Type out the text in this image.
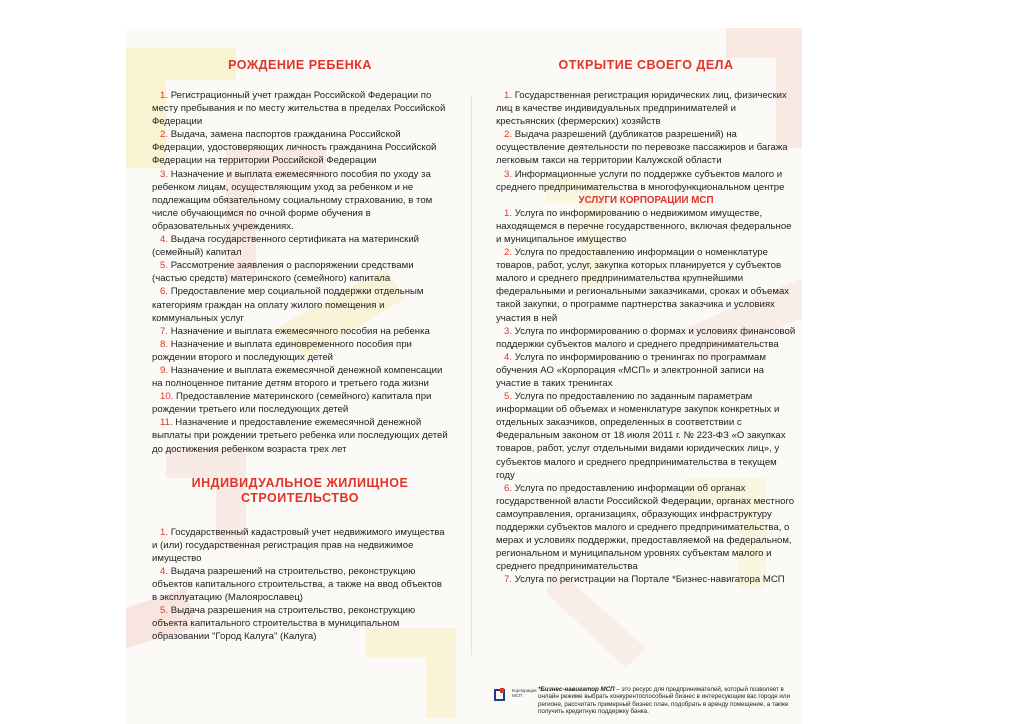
РОЖДЕНИЕ РЕБЕНКА
1. Регистрационный учет граждан Российской Федерации по месту пребывания и по месту жительства в пределах Российской Федерации
2. Выдача, замена паспортов гражданина Российской Федерации, удостоверяющих личность гражданина Российской Федерации на территории Российской Федерации
3. Назначение и выплата ежемесячного пособия по уходу за ребенком лицам, осуществляющим уход за ребенком и не подлежащим обязательному социальному страхованию, в том числе обучающимся по очной форме обучения в образовательных учреждениях.
4. Выдача государственного сертификата на материнский (семейный) капитал
5. Рассмотрение заявления о распоряжении средствами (частью средств) материнского (семейного) капитала
6. Предоставление мер социальной поддержки отдельным категориям граждан на оплату жилого помещения и коммунальных услуг
7. Назначение и выплата ежемесячного пособия на ребенка
8. Назначение и выплата единовременного пособия при рождении второго и последующих детей
9. Назначение и выплата ежемесячной денежной компенсации на полноценное питание детям второго и третьего года жизни
10. Предоставление материнского (семейного) капитала при рождении третьего или последующих детей
11. Назначение и предоставление ежемесячной денежной выплаты при рождении третьего ребенка или последующих детей до достижения ребенком возраста трех лет
ИНДИВИДУАЛЬНОЕ ЖИЛИЩНОЕ
СТРОИТЕЛЬСТВО
1. Государственный кадастровый учет недвижимого имущества и (или) государственная регистрация прав на недвижимое имущество
4. Выдача разрешений на строительство, реконструкцию объектов капитального строительства, а также на ввод объектов в эксплуатацию (Малоярославец)
5. Выдача разрешения на строительство, реконструкцию объекта капитального строительства в муниципальном образовании "Город Калуга" (Калуга)
ОТКРЫТИЕ СВОЕГО ДЕЛА
1. Государственная регистрация юридических лиц, физических лиц в качестве индивидуальных предпринимателей и крестьянских (фермерских) хозяйств
2. Выдача разрешений (дубликатов разрешений) на осуществление деятельности по перевозке пассажиров и багажа легковым такси на территории Калужской области
3. Информационные услуги по поддержке субъектов малого и среднего предпринимательства в многофункциональном центре
УСЛУГИ КОРПОРАЦИИ МСП
1. Услуга по информированию о недвижимом имуществе, находящемся в перечне государственного, включая федеральное и муниципальное имущество
2. Услуга по предоставлению информации о номенклатуре товаров, работ, услуг, закупка которых планируется у субъектов малого и среднего предпринимательства крупнейшими федеральными и региональными заказчиками, сроках и объемах такой закупки, о программе партнерства заказчика и условиях участия в ней
3. Услуга по информированию о формах и условиях финансовой поддержки субъектов малого и среднего предпринимательства
4. Услуга по информированию о тренингах по программам обучения АО «Корпорация «МСП» и электронной записи на участие в таких тренингах
5. Услуга по предоставлению по заданным параметрам информации об объемах и номенклатуре закупок конкретных и отдельных заказчиков, определенных в соответствии с Федеральным законом от 18 июля 2011 г. № 223-ФЗ «О закупках товаров, работ, услуг отдельными видами юридических лиц», у субъектов малого и среднего предпринимательства в текущем году
6. Услуга по предоставлению информации об органах государственной власти Российской Федерации, органах местного самоуправления, организациях, образующих инфраструктуру поддержки субъектов малого и среднего предпринимательства, о мерах и условиях поддержки, предоставляемой на федеральном, региональном и муниципальном уровнях субъектам малого и среднего предпринимательства
7. Услуга по регистрации на Портале *Бизнес-навигатора МСП
Корпорация МСП
*Бизнес-навигатор МСП – это ресурс для предпринимателей, который позволяет в онлайн режиме выбрать конкурентоспособный бизнес в интересующем вас городе или регионе, рассчитать примерный бизнес план, подобрать в аренду помещение, а также получить кредитную поддержку банка.
